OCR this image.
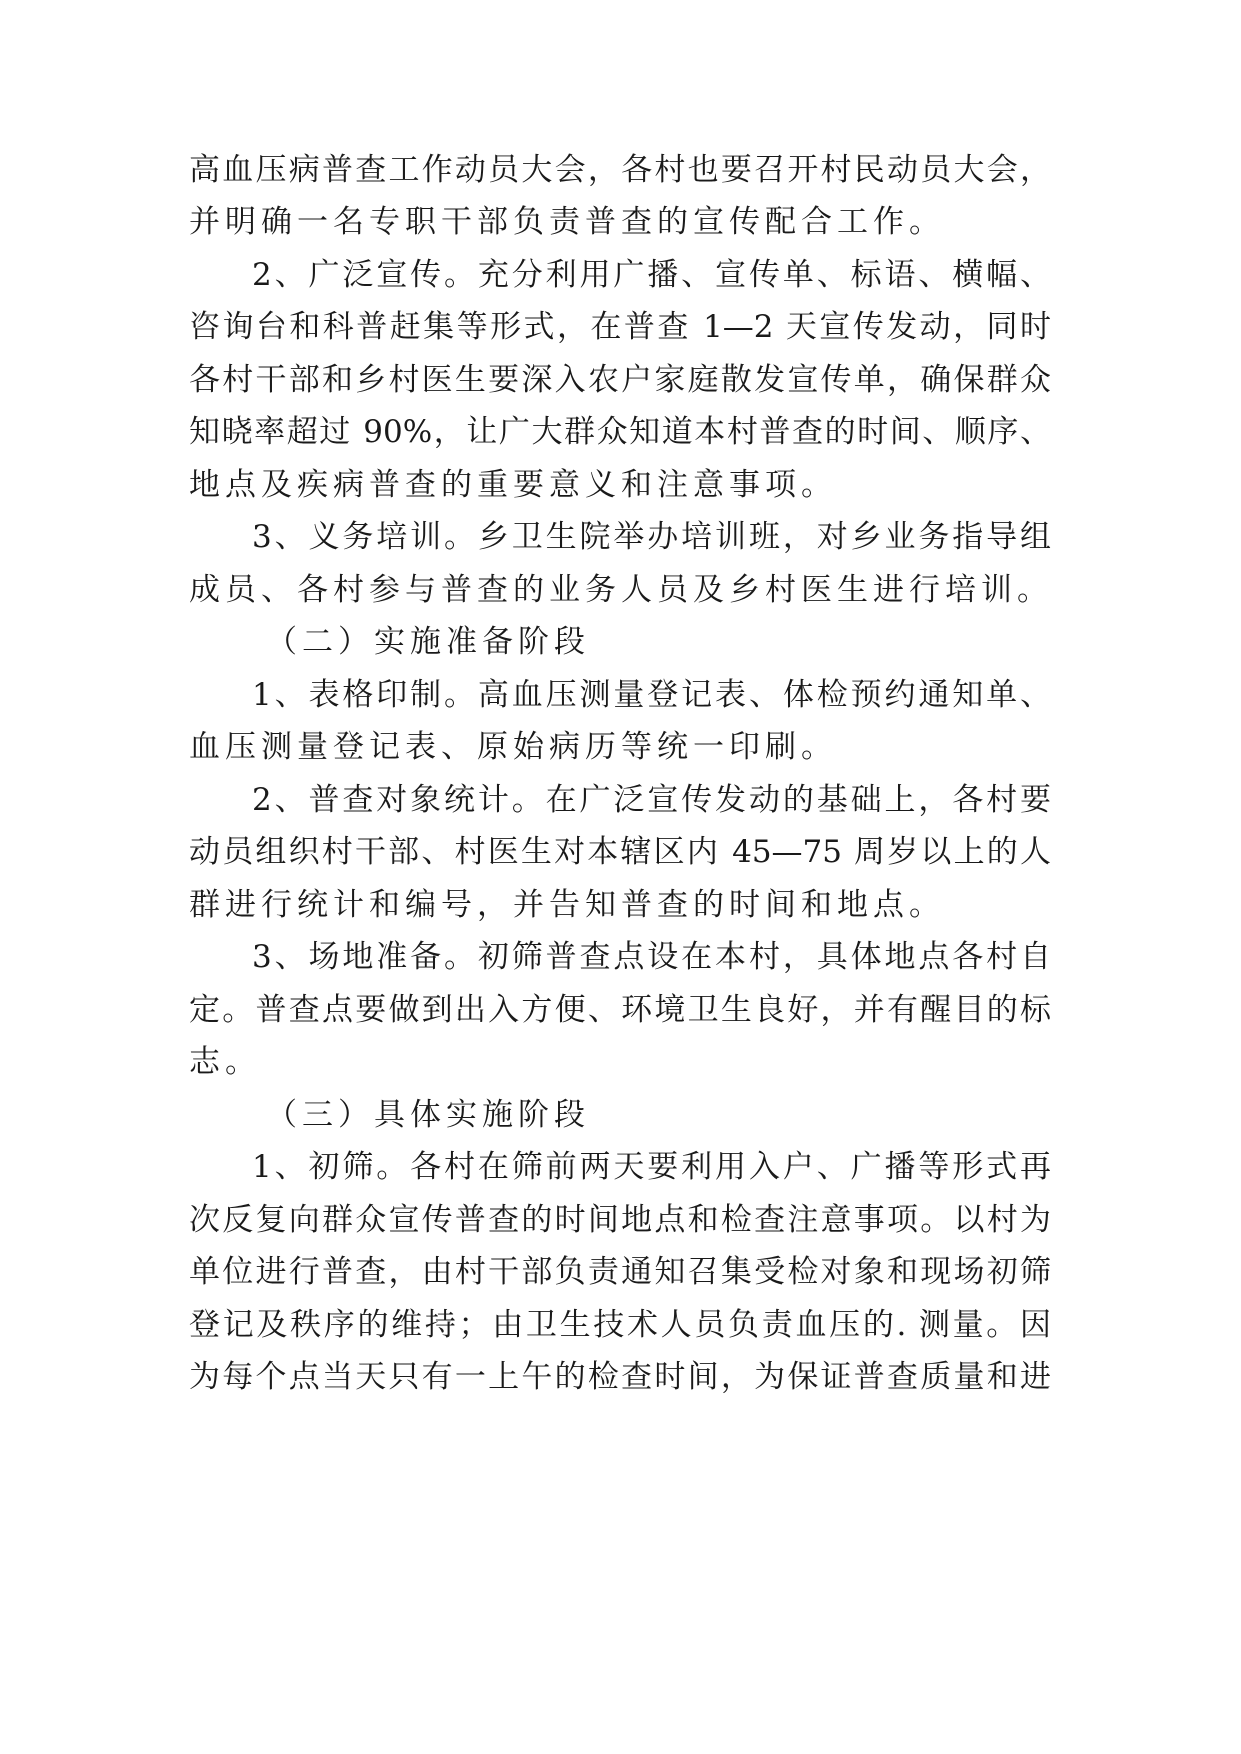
高血压病普查工作动员大会，各村也要召开村民动员大会，
并明确一名专职干部负责普查的宣传配合工作。
2、广泛宣传。充分利用广播、宣传单、标语、横幅、
咨询台和科普赶集等形式，在普查 1—2 天宣传发动，同时
各村干部和乡村医生要深入农户家庭散发宣传单，确保群众
知晓率超过 90%，让广大群众知道本村普查的时间、顺序、
地点及疾病普查的重要意义和注意事项。
3、义务培训。乡卫生院举办培训班，对乡业务指导组
成员、各村参与普查的业务人员及乡村医生进行培训。
（二）实施准备阶段
1、表格印制。高血压测量登记表、体检预约通知单、
血压测量登记表、原始病历等统一印刷。
2、普查对象统计。在广泛宣传发动的基础上，各村要
动员组织村干部、村医生对本辖区内 45—75 周岁以上的人
群进行统计和编号，并告知普查的时间和地点。
3、场地准备。初筛普查点设在本村，具体地点各村自
定。普查点要做到出入方便、环境卫生良好，并有醒目的标
志。
（三）具体实施阶段
1、初筛。各村在筛前两天要利用入户、广播等形式再
次反复向群众宣传普查的时间地点和检查注意事项。以村为
单位进行普查，由村干部负责通知召集受检对象和现场初筛
登记及秩序的维持；由卫生技术人员负责血压的. 测量。因
为每个点当天只有一上午的检查时间，为保证普查质量和进
